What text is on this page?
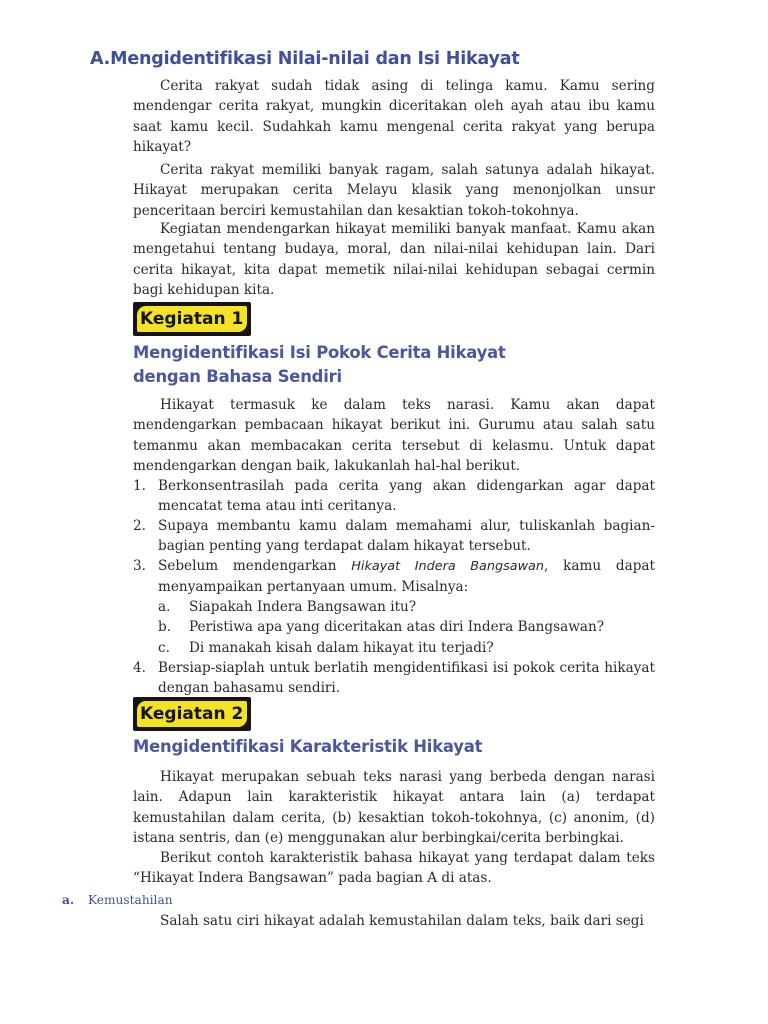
A.Mengidentifikasi Nilai-nilai dan Isi Hikayat

Cerita rakyat sudah tidak asing di telinga kamu. Kamu sering mendengar cerita rakyat, mungkin diceritakan oleh ayah atau ibu kamu saat kamu kecil. Sudahkah kamu mengenal cerita rakyat yang berupa hikayat?

Cerita rakyat memiliki banyak ragam, salah satunya adalah hikayat. Hikayat merupakan cerita Melayu klasik yang menonjolkan unsur penceritaan berciri kemustahilan dan kesaktian tokoh-tokohnya.

Kegiatan mendengarkan hikayat memiliki banyak manfaat. Kamu akan mengetahui tentang budaya, moral, dan nilai-nilai kehidupan lain. Dari cerita hikayat, kita dapat memetik nilai-nilai kehidupan sebagai cermin bagi kehidupan kita.

Kegiatan 1
Mengidentifikasi Isi Pokok Cerita Hikayat
dengan Bahasa Sendiri

Hikayat termasuk ke dalam teks narasi. Kamu akan dapat mendengarkan pembacaan hikayat berikut ini. Gurumu atau salah satu temanmu akan membacakan cerita tersebut di kelasmu. Untuk dapat mendengarkan dengan baik, lakukanlah hal-hal berikut.

1. Berkonsentrasilah pada cerita yang akan didengarkan agar dapat mencatat tema atau inti ceritanya.
2. Supaya membantu kamu dalam memahami alur, tuliskanlah bagian-bagian penting yang terdapat dalam hikayat tersebut.
3. Sebelum mendengarkan Hikayat Indera Bangsawan, kamu dapat menyampaikan pertanyaan umum. Misalnya:
a.	Siapakah Indera Bangsawan itu?
b.	Peristiwa apa yang diceritakan atas diri Indera Bangsawan?
c.	Di manakah kisah dalam hikayat itu terjadi?
4. Bersiap-siaplah untuk berlatih mengidentifikasi isi pokok cerita hikayat dengan bahasamu sendiri.
Kegiatan 2
Mengidentifikasi Karakteristik Hikayat

Hikayat merupakan sebuah teks narasi yang berbeda dengan narasi lain. Adapun lain karakteristik hikayat antara lain (a) terdapat kemustahilan dalam cerita, (b) kesaktian tokoh-tokohnya, (c) anonim, (d) istana sentris, dan (e) menggunakan alur berbingkai/cerita berbingkai.

Berikut contoh karakteristik bahasa hikayat yang terdapat dalam teks “Hikayat Indera Bangsawan” pada bagian A di atas.

a. Kemustahilan

Salah satu ciri hikayat adalah kemustahilan dalam teks, baik dari segi
